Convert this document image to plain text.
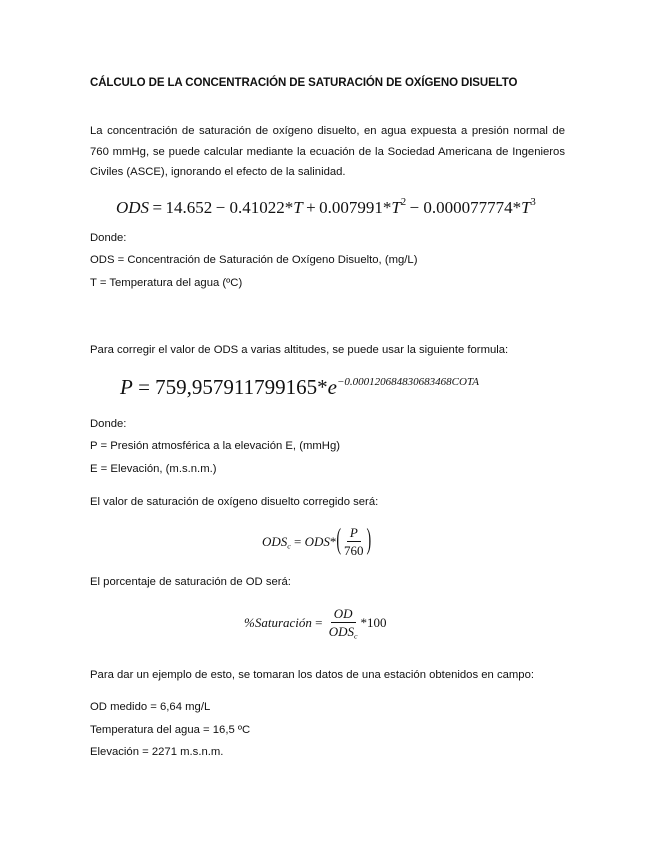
CÁLCULO DE LA CONCENTRACIÓN DE SATURACIÓN DE OXÍGENO DISUELTO
La concentración de saturación de oxígeno disuelto, en agua expuesta a presión normal de 760 mmHg, se puede calcular mediante la ecuación de la Sociedad Americana de Ingenieros Civiles (ASCE), ignorando el efecto de la salinidad.
ODS = $14.652 - 0.41022*T + 0.007991*T^2 - 0.000077774*T^3$
Donde:
ODS = Concentración de Saturación de Oxígeno Disuelto, (mg/L)
T = Temperatura del agua (ºC)
Para corregir el valor de ODS a varias altitudes, se puede usar la siguiente formula:
$P = 759,957911799165*e^{-0.000120684830683468COTA}$
Donde:
P = Presión atmosférica a la elevación E, (mmHg)
E = Elevación, (m.s.n.m.)
El valor de saturación de oxígeno disuelto corregido será:
$ODS_c$ = ODS * ( $\frac{P}{760}$ )
El porcentaje de saturación de OD será:
%Saturación = $\frac{OD}{ODS_c} * 100$
Para dar un ejemplo de esto, se tomaran los datos de una estación obtenidos en campo:
OD medido = 6,64 mg/L
Temperatura del agua = 16,5 ºC
Elevación = 2271 m.s.n.m.
